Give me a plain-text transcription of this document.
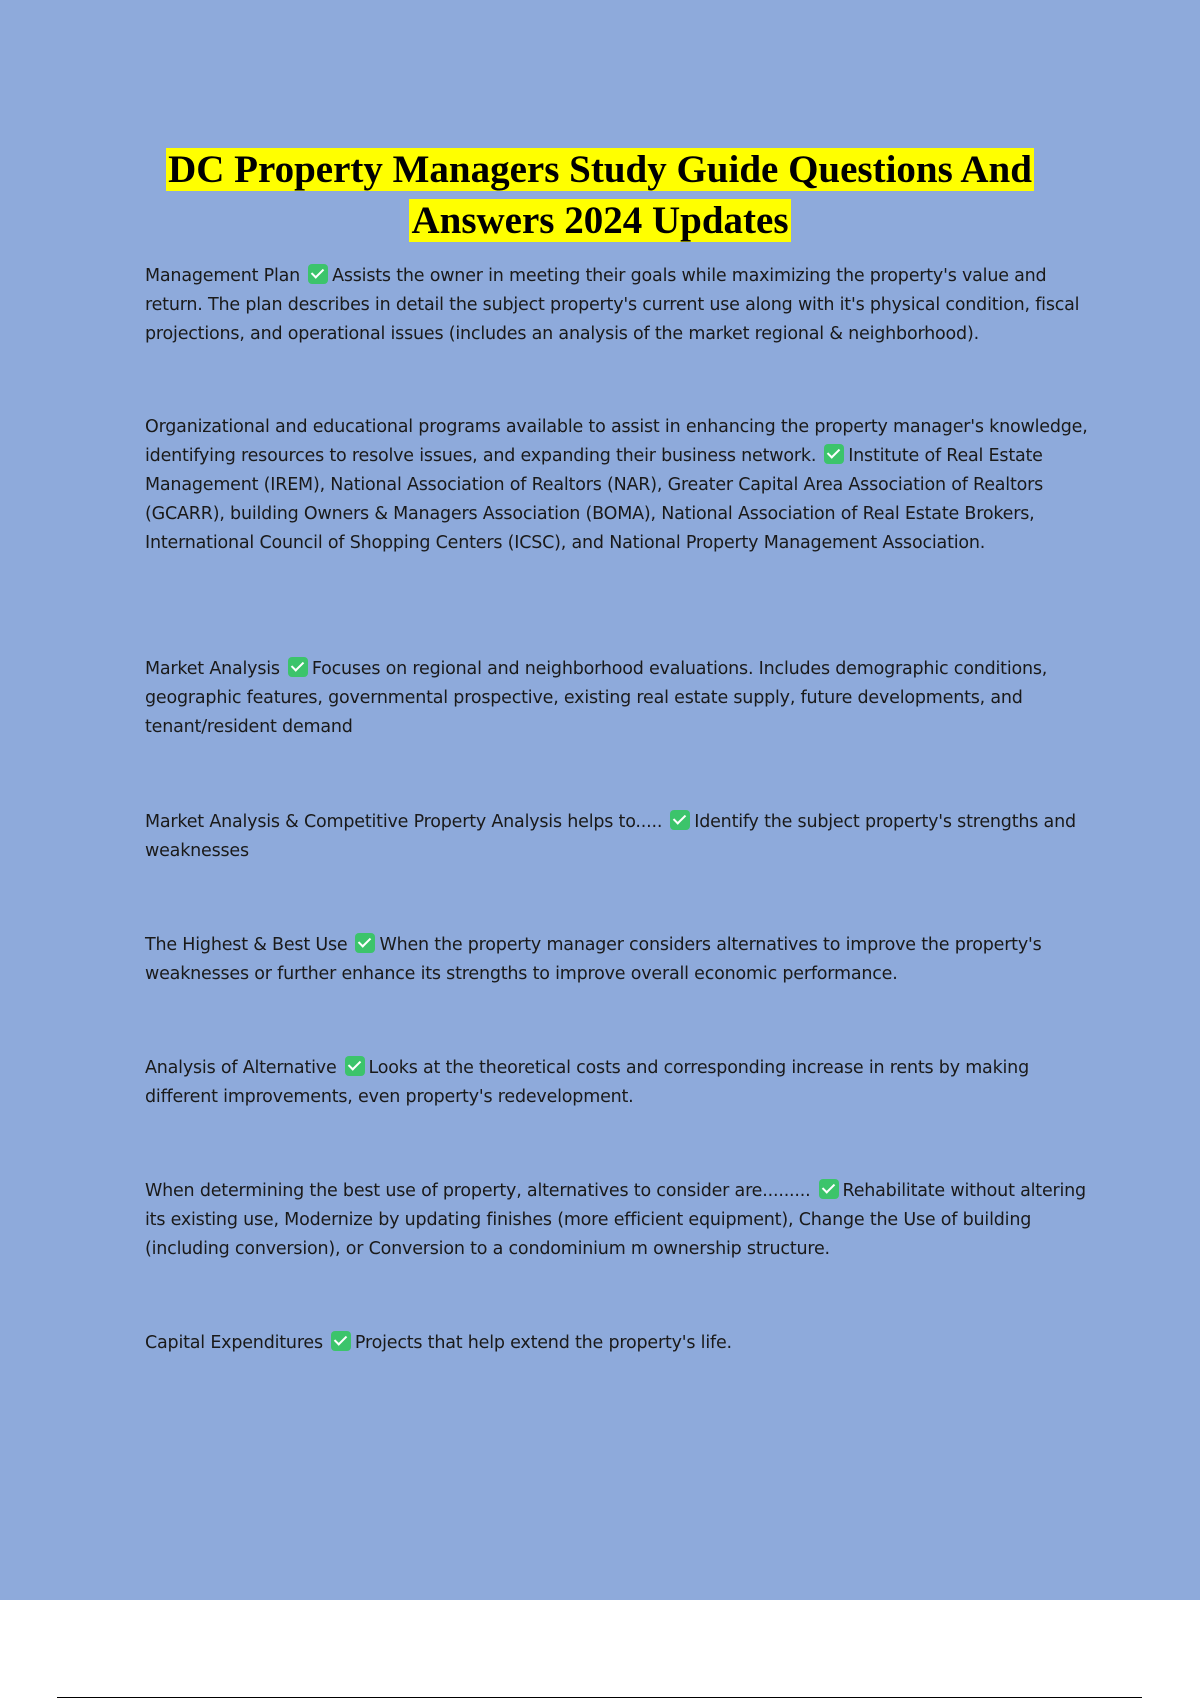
DC Property Managers Study Guide Questions And
Answers 2024 Updates
Management Plan Assists the owner in meeting their goals while maximizing the property's value and return. The plan describes in detail the subject property's current use along with it's physical condition, fiscal projections, and operational issues (includes an analysis of the market regional & neighborhood).
Organizational and educational programs available to assist in enhancing the property manager's knowledge, identifying resources to resolve issues, and expanding their business network. Institute of Real Estate Management (IREM), National Association of Realtors (NAR), Greater Capital Area Association of Realtors (GCARR), building Owners & Managers Association (BOMA), National Association of Real Estate Brokers, International Council of Shopping Centers (ICSC), and National Property Management Association.
Market Analysis Focuses on regional and neighborhood evaluations. Includes demographic conditions, geographic features, governmental prospective, existing real estate supply, future developments, and tenant/resident demand
Market Analysis & Competitive Property Analysis helps to..... Identify the subject property's strengths and weaknesses
The Highest & Best Use When the property manager considers alternatives to improve the property's weaknesses or further enhance its strengths to improve overall economic performance.
Analysis of Alternative Looks at the theoretical costs and corresponding increase in rents by making different improvements, even property's redevelopment.
When determining the best use of property, alternatives to consider are......... Rehabilitate without altering its existing use, Modernize by updating finishes (more efficient equipment), Change the Use of building (including conversion), or Conversion to a condominium m ownership structure.
Capital Expenditures Projects that help extend the property's life.
